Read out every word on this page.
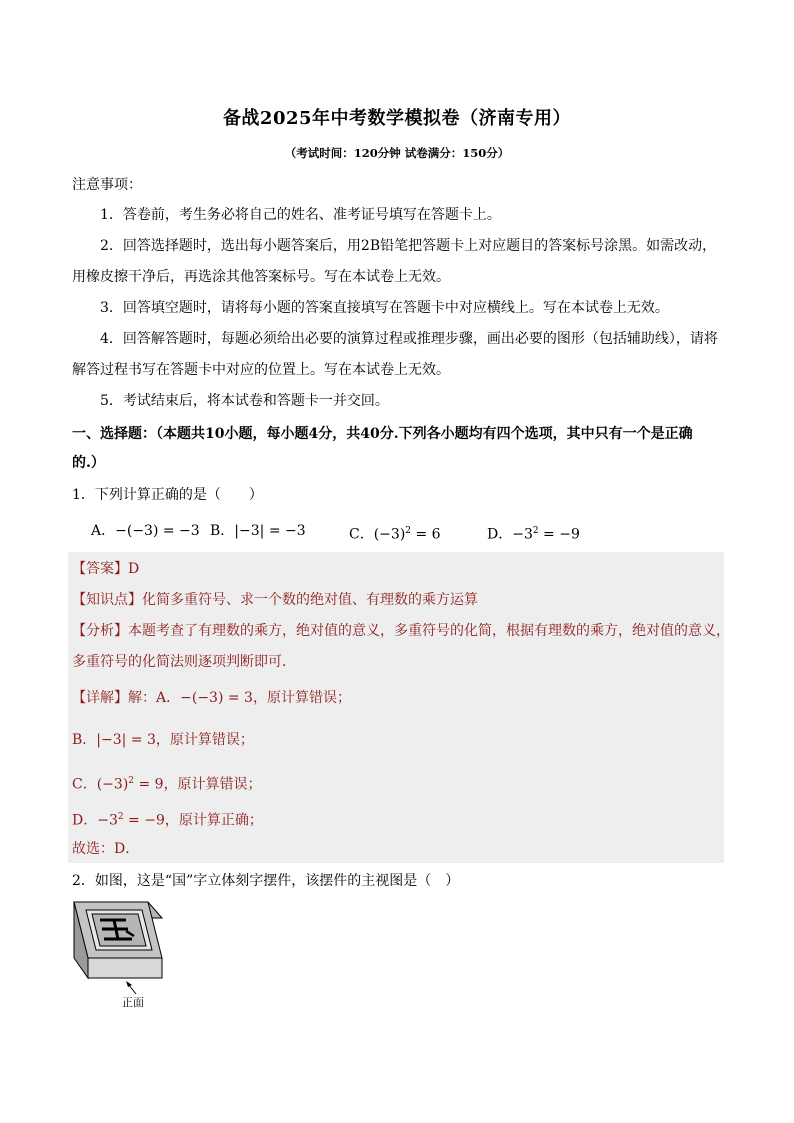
备战2025年中考数学模拟卷（济南专用）
（考试时间：120分钟 试卷满分：150分）
注意事项：
1．答卷前，考生务必将自己的姓名、准考证号填写在答题卡上。
2．回答选择题时，选出每小题答案后，用2B铅笔把答题卡上对应题目的答案标号涂黑。如需改动，
用橡皮擦干净后，再选涂其他答案标号。写在本试卷上无效。
3．回答填空题时，请将每小题的答案直接填写在答题卡中对应横线上。写在本试卷上无效。
4．回答解答题时，每题必须给出必要的演算过程或推理步骤，画出必要的图形（包括辅助线），请将
解答过程书写在答题卡中对应的位置上。写在本试卷上无效。
5．考试结束后，将本试卷和答题卡一并交回。
一、选择题：（本题共10小题，每小题4分，共40分.下列各小题均有四个选项，其中只有一个是正确
的.）
1．下列计算正确的是（　　）
A．−(−3) = −3 B．|−3| = −3	C．$(-3)^2 = 6$	D．$-3^2 = -9$
【答案】D
【知识点】化简多重符号、求一个数的绝对值、有理数的乘方运算
【分析】本题考查了有理数的乘方，绝对值的意义，多重符号的化简，根据有理数的乘方，绝对值的意义，
多重符号的化简法则逐项判断即可．
【详解】解：A．−(−3) = 3，原计算错误；
B．|−3| = 3，原计算错误；
C．$(-3)^2 = 9$，原计算错误；
D．$-3^2 = -9$，原计算正确；
故选：D．
2．如图，这是“国”字立体刻字摆件，该摆件的主视图是（　）
正面
